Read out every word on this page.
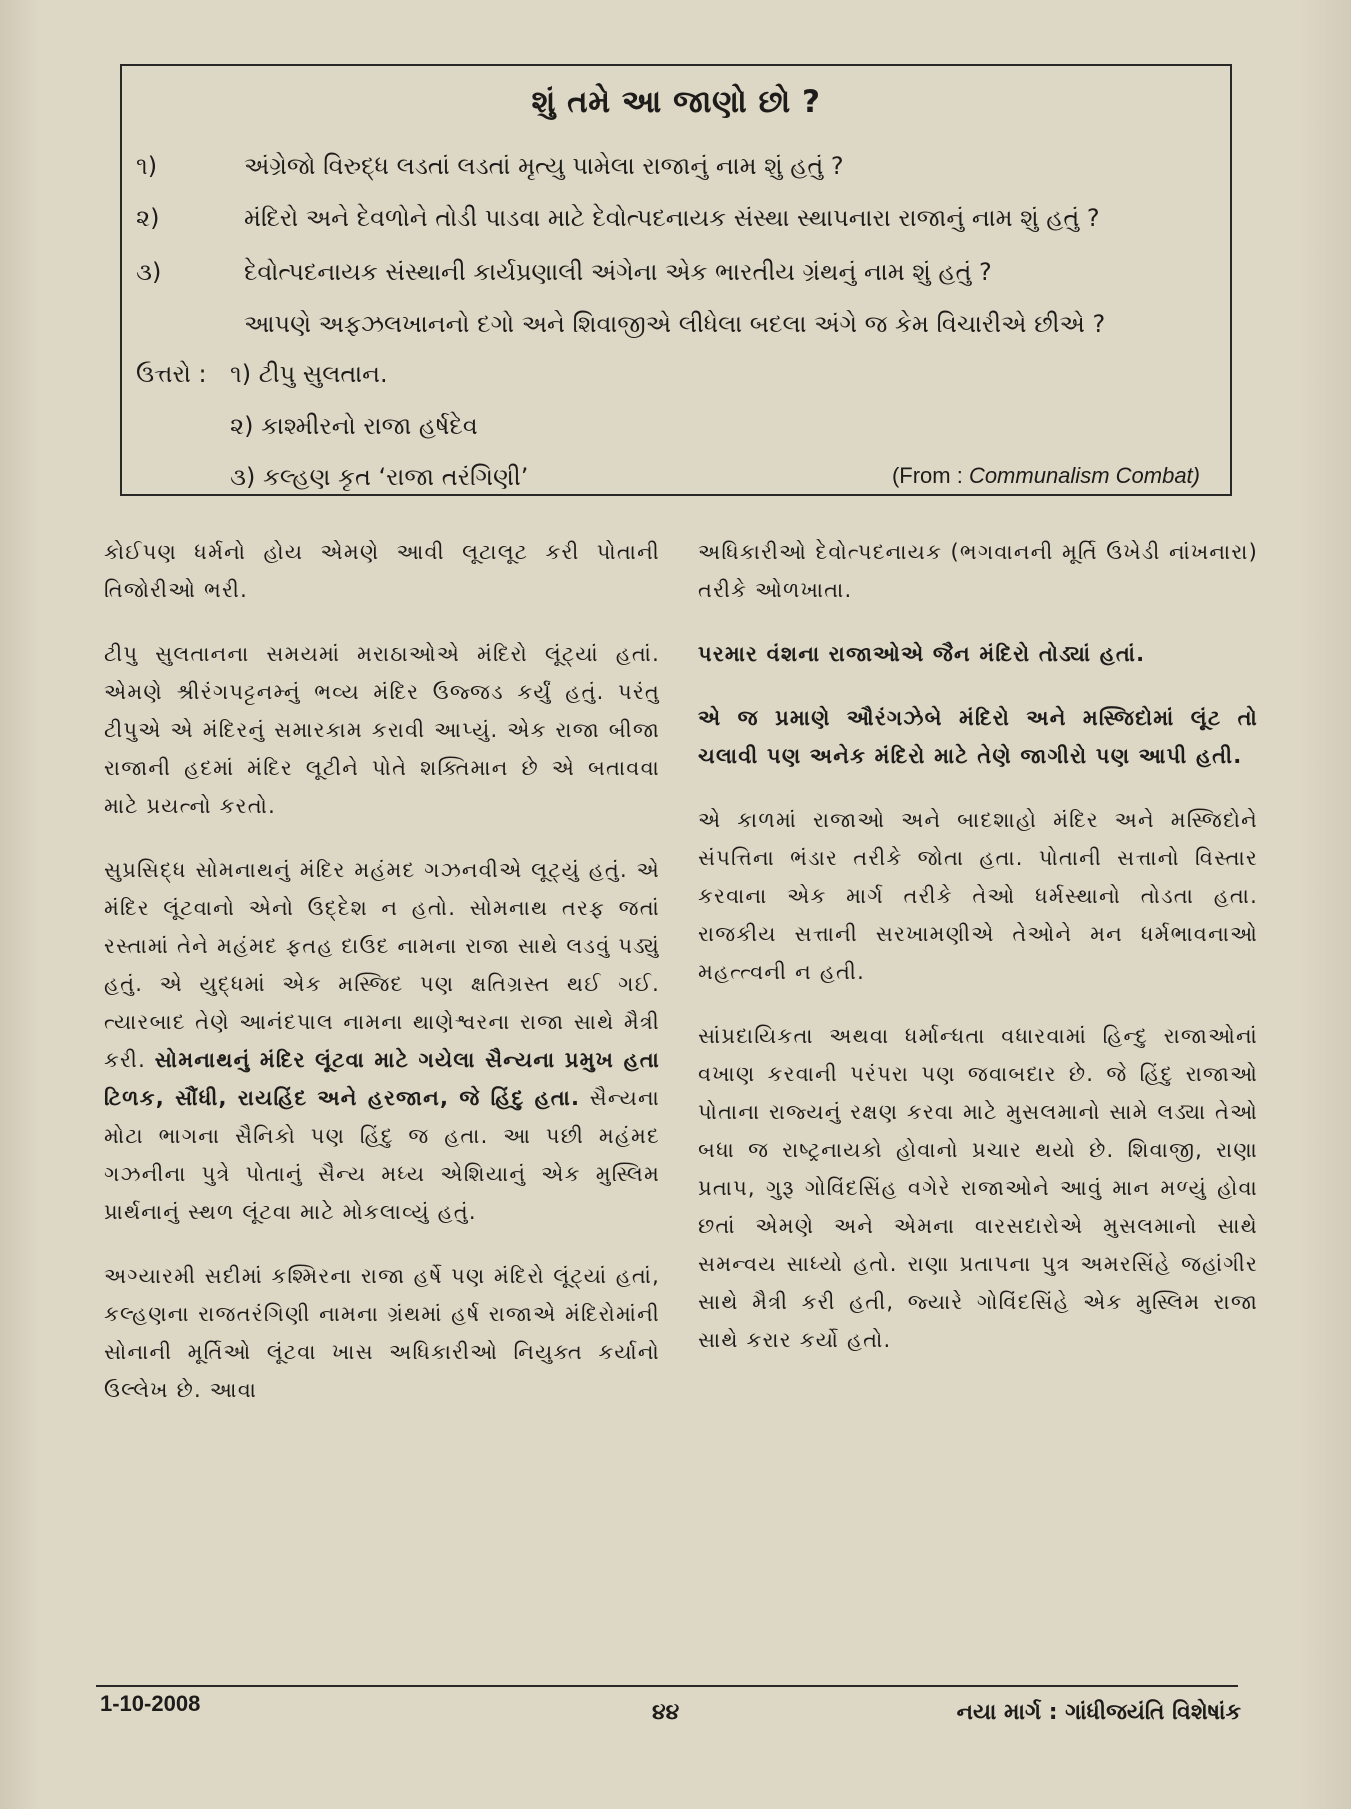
શું તમે આ જાણો છો ?
૧)	અંગ્રેજો વિરુદ્ધ લડતાં લડતાં મૃત્યુ પામેલા રાજાનું નામ શું હતું ?
૨)	મંદિરો અને દેવળોને તોડી પાડવા માટે દેવોત્પદનાયક સંસ્થા સ્થાપનારા રાજાનું નામ શું હતું ?
૩)	દેવોત્પદનાયક સંસ્થાની કાર્યપ્રણાલી અંગેના એક ભારતીય ગ્રંથનું નામ શું હતું ?
આપણે અફઝલખાનનો દગો અને શિવાજીએ લીધેલા બદલા અંગે જ કેમ વિચારીએ છીએ ?
ઉત્તરો : ૧) ટીપુ સુલતાન.
૨) કાશ્મીરનો રાજા હર્ષદેવ
૩) કલ્હણ કૃત ‘રાજા તરંગિણી’	(From : Communalism Combat)

કોઈપણ ધર્મનો હોય એમણે આવી લૂટાલૂટ કરી પોતાની તિજોરીઓ ભરી.

ટીપુ સુલતાનના સમયમાં મરાઠાઓએ મંદિરો લૂંટ્યાં હતાં. એમણે શ્રીરંગપટ્ટનમ્નું ભવ્ય મંદિર ઉજ્જડ કર્યું હતું. પરંતુ ટીપુએ એ મંદિરનું સમારકામ કરાવી આપ્યું. એક રાજા બીજા રાજાની હદમાં મંદિર લૂટીને પોતે શક્તિમાન છે એ બતાવવા માટે પ્રયત્નો કરતો.

સુપ્રસિદ્ધ સોમનાથનું મંદિર મહંમદ ગઝનવીએ લૂટ્યું હતું. એ મંદિર લૂંટવાનો એનો ઉદ્દેશ ન હતો. સોમનાથ તરફ જતાં રસ્તામાં તેને મહંમદ ફતહ દાઉદ નામના રાજા સાથે લડવું પડ્યું હતું. એ યુદ્ધમાં એક મસ્જિદ પણ ક્ષતિગ્રસ્ત થઈ ગઈ. ત્યારબાદ તેણે આનંદપાલ નામના થાણેશ્વરના રાજા સાથે મૈત્રી કરી. સોમનાથનું મંદિર લૂંટવા માટે ગયેલા સૈન્યના પ્રમુખ હતા ટિળક, સૌંધી, રાયહિંદ અને હરજાન, જે હિંદુ હતા. સૈન્યના મોટા ભાગના સૈનિકો પણ હિંદુ જ હતા. આ પછી મહંમદ ગઝનીના પુત્રે પોતાનું સૈન્ય મધ્ય એશિયાનું એક મુસ્લિમ પ્રાર્થનાનું સ્થળ લૂંટવા માટે મોકલાવ્યું હતું.

અગ્યારમી સદીમાં કશ્મિરના રાજા હર્ષે પણ મંદિરો લૂંટ્યાં હતાં, કલ્હણના રાજતરંગિણી નામના ગ્રંથમાં હર્ષ રાજાએ મંદિરોમાંની સોનાની મૂર્તિઓ લૂંટવા ખાસ અધિકારીઓ નિયુક્ત કર્યાનો ઉલ્લેખ છે. આવા

અધિકારીઓ દેવોત્પદનાયક (ભગવાનની મૂર્તિ ઉખેડી નાંખનારા) તરીકે ઓળખાતા.

પરમાર વંશના રાજાઓએ જૈન મંદિરો તોડ્યાં હતાં.

એ જ પ્રમાણે ઔરંગઝેબે મંદિરો અને મસ્જિદોમાં લૂંટ તો ચલાવી પણ અનેક મંદિરો માટે તેણે જાગીરો પણ આપી હતી.

એ કાળમાં રાજાઓ અને બાદશાહો મંદિર અને મસ્જિદોને સંપત્તિના ભંડાર તરીકે જોતા હતા. પોતાની સત્તાનો વિસ્તાર કરવાના એક માર્ગ તરીકે તેઓ ધર્મસ્થાનો તોડતા હતા. રાજકીય સત્તાની સરખામણીએ તેઓને મન ધર્મભાવનાઓ મહત્ત્વની ન હતી.

સાંપ્રદાયિકતા અથવા ધર્માન્ધતા વધારવામાં હિન્દુ રાજાઓનાં વખાણ કરવાની પરંપરા પણ જવાબદાર છે. જે હિંદુ રાજાઓ પોતાના રાજ્યનું રક્ષણ કરવા માટે મુસલમાનો સામે લડ્યા તેઓ બધા જ રાષ્ટ્રનાયકો હોવાનો પ્રચાર થયો છે. શિવાજી, રાણા પ્રતાપ, ગુરૂ ગોવિંદસિંહ વગેરે રાજાઓને આવું માન મળ્યું હોવા છતાં એમણે અને એમના વારસદારોએ મુસલમાનો સાથે સમન્વય સાધ્યો હતો. રાણા પ્રતાપના પુત્ર અમરસિંહે જહાંગીર સાથે મૈત્રી કરી હતી, જ્યારે ગોવિંદસિંહે એક મુસ્લિમ રાજા સાથે કરાર કર્યો હતો.

1-10-2008	૪૪	નયા માર્ગ : ગાંધીજયંતિ વિશેષાંક
